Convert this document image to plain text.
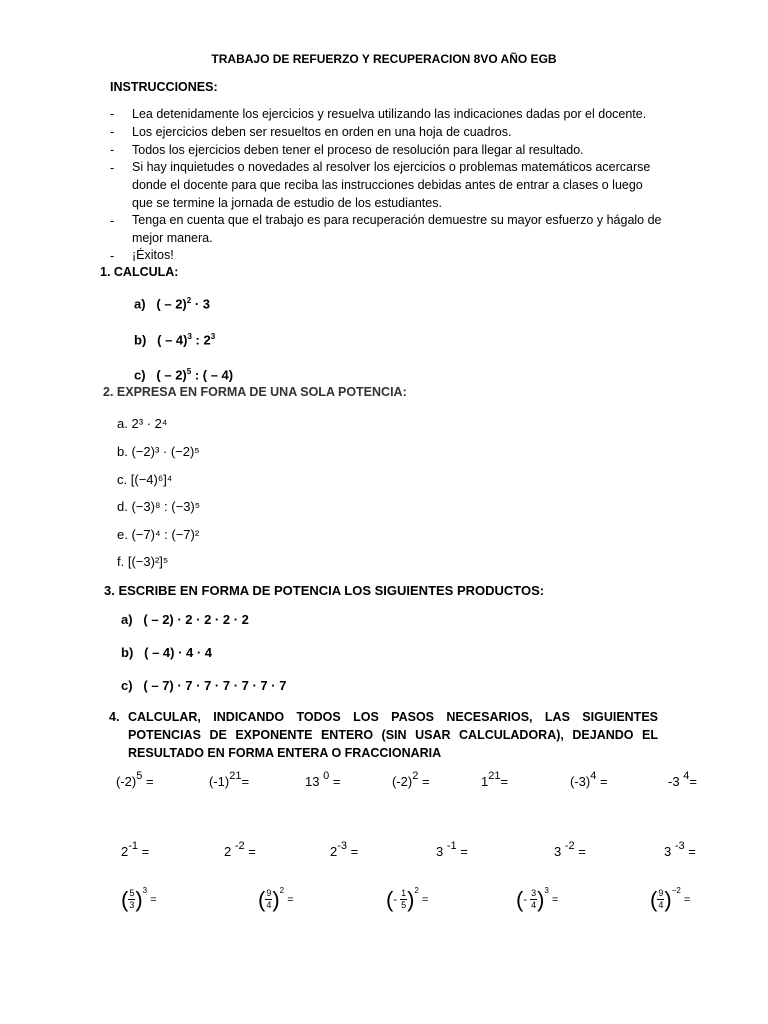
TRABAJO DE REFUERZO Y RECUPERACION 8VO AÑO EGB
INSTRUCCIONES:
- Lea detenidamente los ejercicios y resuelva utilizando las indicaciones dadas por el docente.
- Los ejercicios deben ser resueltos en orden en una hoja de cuadros.
- Todos los ejercicios deben tener el proceso de resolución para llegar al resultado.
- Si hay inquietudes o novedades al resolver los ejercicios o problemas matemáticos acercarse donde el docente para que reciba las instrucciones debidas antes de entrar a clases o luego que se termine la jornada de estudio de los estudiantes.
- Tenga en cuenta que el trabajo es para recuperación demuestre su mayor esfuerzo y hágalo de mejor manera.
- ¡Éxitos!
1. CALCULA:
a) ( – 2)$^2$ · 3
b) ( – 4)$^3$ : $2^3$
c) ( – 2)$^5$ : ( – 4)
2. EXPRESA EN FORMA DE UNA SOLA POTENCIA:
a. 2³ · 2⁴
b. (−2)³ · (−2)⁵
c. [(−4)⁶]⁴
d. (−3)⁸ : (−3)⁵
e. (−7)⁴ : (−7)²
f. [(−3)²]⁵
3. ESCRIBE EN FORMA DE POTENCIA LOS SIGUIENTES PRODUCTOS:
a) ( – 2) · 2 · 2 · 2 · 2
b) ( – 4) · 4 · 4
c) ( – 7) · 7 · 7 · 7 · 7 · 7 · 7
4. CALCULAR, INDICANDO TODOS LOS PASOS NECESARIOS, LAS SIGUIENTES POTENCIAS DE EXPONENTE ENTERO (SIN USAR CALCULADORA), DEJANDO EL RESULTADO EN FORMA ENTERA O FRACCIONARIA
$(-2)^5$ =	$(-1)^{21}=$	13 $^0$ =	$(-2)^2$ =	$1^{21}=$	$(-3)^4$ =	-3 $^4$=
$2^{-1}$ =	2 $^{-2}$ =	$2^{-3}$ =	3 $^{-1}$ =	3 $^{-2}$ =	3 $^{-3}$ =
( 5
3 ) 3

=	( 9
4 ) 2

=	( -

1
5 ) 2

=	( -

3
4 ) 3

=	( 9
4 ) −2

=
